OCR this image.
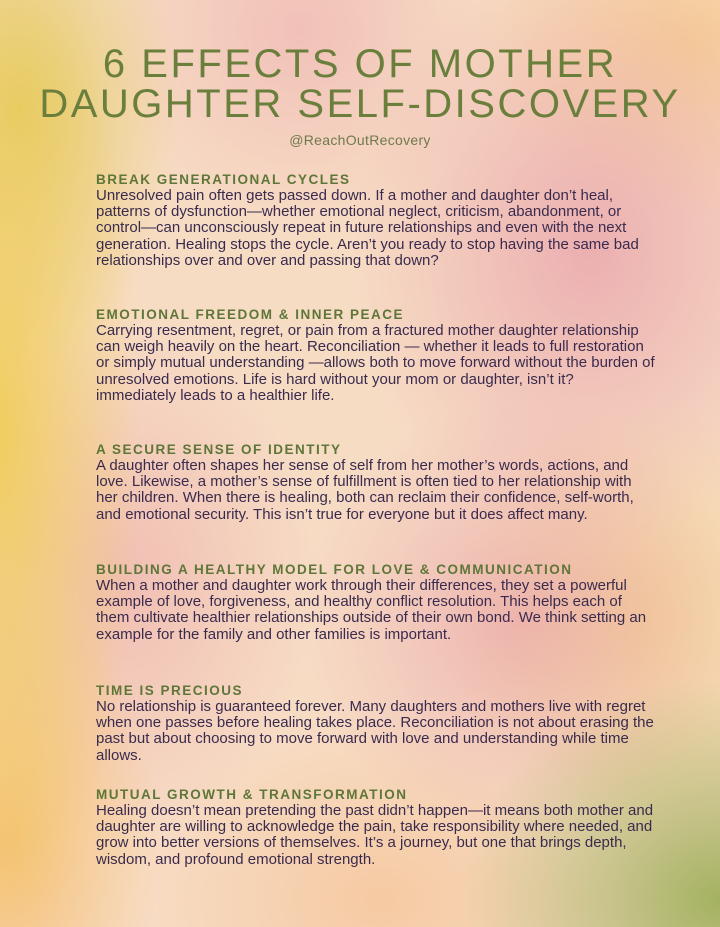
6 EFFECTS OF MOTHER
DAUGHTER SELF-DISCOVERY
@ReachOutRecovery
BREAK GENERATIONAL CYCLES

Unresolved pain often gets passed down. If a mother and daughter don’t heal, patterns of dysfunction—whether emotional neglect, criticism, abandonment, or control—can unconsciously repeat in future relationships and even with the next generation. Healing stops the cycle. Aren’t you ready to stop having the same bad relationships over and over and passing that down?

EMOTIONAL FREEDOM & INNER PEACE

Carrying resentment, regret, or pain from a fractured mother daughter relationship can weigh heavily on the heart. Reconciliation — whether it leads to full restoration or simply mutual understanding —allows both to move forward without the burden of unresolved emotions. Life is hard without your mom or daughter, isn’t it? immediately leads to a healthier life.

A SECURE SENSE OF IDENTITY

A daughter often shapes her sense of self from her mother’s words, actions, and love. Likewise, a mother’s sense of fulfillment is often tied to her relationship with her children. When there is healing, both can reclaim their confidence, self-worth, and emotional security. This isn’t true for everyone but it does affect many.

BUILDING A HEALTHY MODEL FOR LOVE & COMMUNICATION

When a mother and daughter work through their differences, they set a powerful example of love, forgiveness, and healthy conflict resolution. This helps each of them cultivate healthier relationships outside of their own bond. We think setting an example for the family and other families is important.

TIME IS PRECIOUS

No relationship is guaranteed forever. Many daughters and mothers live with regret when one passes before healing takes place. Reconciliation is not about erasing the past but about choosing to move forward with love and understanding while time allows.

MUTUAL GROWTH & TRANSFORMATION

Healing doesn’t mean pretending the past didn’t happen—it means both mother and daughter are willing to acknowledge the pain, take responsibility where needed, and grow into better versions of themselves. It’s a journey, but one that brings depth, wisdom, and profound emotional strength.
